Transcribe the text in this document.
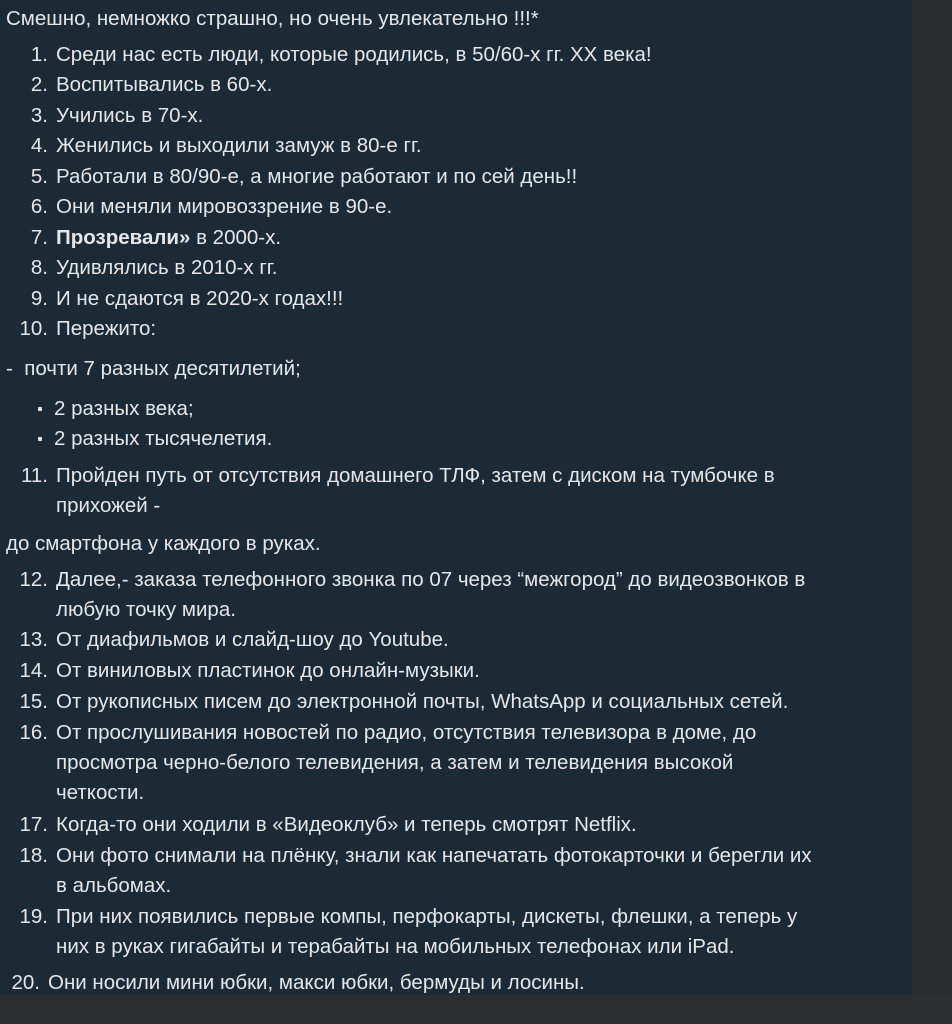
Смешно, немножко страшно, но очень увлекательно !!!*
1. Среди нас есть люди, которые родились, в 50/60-х гг. XX века!
2. Воспитывались в 60-х.
3. Учились в 70-х.
4. Женились и выходили замуж в 80-е гг.
5. Работали в 80/90-е, а многие работают и по сей день!!
6. Они меняли мировоззрение в 90-е.
7. Прозревали» в 2000-х.
8. Удивлялись в 2010-х гг.
9. И не сдаются в 2020-х годах!!!
10. Пережито:
-  почти 7 разных десятилетий;
2 разных века;
2 разных тысячелетия.
11. Пройден путь от отсутствия домашнего ТЛФ, затем с диском на тумбочке в
прихожей -
до смартфона у каждого в руках.
12. Далее,- заказа телефонного звонка по 07 через “межгород” до видеозвонков в
любую точку мира.
13. От диафильмов и слайд-шоу до Youtube.
14. От виниловых пластинок до онлайн-музыки.
15. От рукописных писем до электронной почты, WhatsApp и социальных сетей.
16. От прослушивания новостей по радио, отсутствия телевизора в доме, до
просмотра черно-белого телевидения, а затем и телевидения высокой
четкости.
17. Когда-то они ходили в «Видеоклуб» и теперь смотрят Netflix.
18. Они фото снимали на плёнку, знали как напечатать фотокарточки и берегли их
в альбомах.
19. При них появились первые компы, перфокарты, дискеты, флешки, а теперь у
них в руках гигабайты и терабайты на мобильных телефонах или iPad.
20. Они носили мини юбки, макси юбки, бермуды и лосины.
